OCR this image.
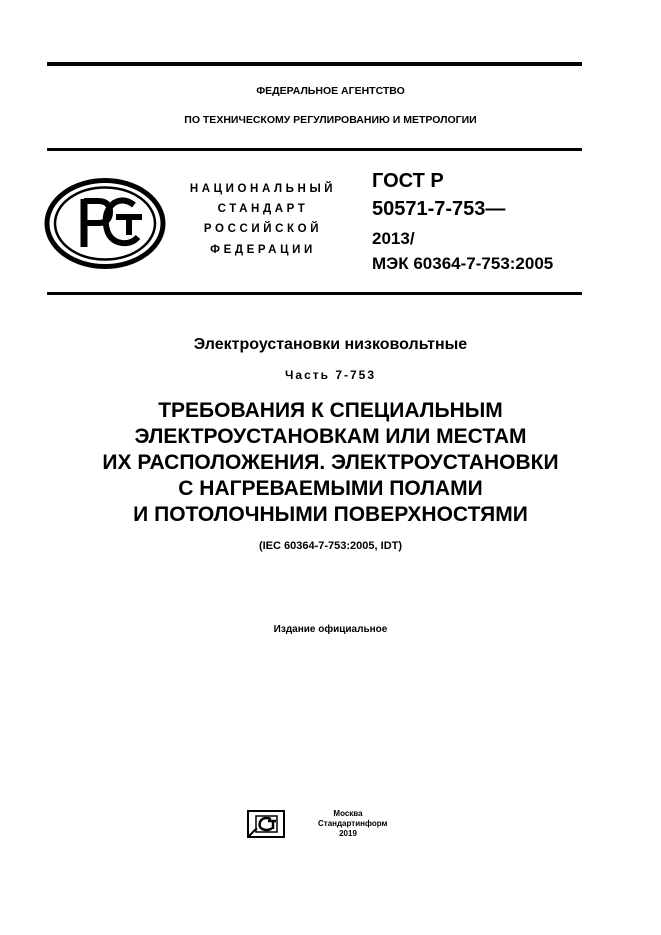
ФЕДЕРАЛЬНОЕ АГЕНТСТВО
ПО ТЕХНИЧЕСКОМУ РЕГУЛИРОВАНИЮ И МЕТРОЛОГИИ
НАЦИОНАЛЬНЫЙ
СТАНДАРТ
РОССИЙСКОЙ
ФЕДЕРАЦИИ
ГОСТ Р
50571-7-753—
2013/
МЭК 60364-7-753:2005
Электроустановки низковольтные
Часть 7-753
ТРЕБОВАНИЯ К СПЕЦИАЛЬНЫМ
ЭЛЕКТРОУСТАНОВКАМ ИЛИ МЕСТАМ
ИХ РАСПОЛОЖЕНИЯ. ЭЛЕКТРОУСТАНОВКИ
С НАГРЕВАЕМЫМИ ПОЛАМИ
И ПОТОЛОЧНЫМИ ПОВЕРХНОСТЯМИ
(IEC 60364-7-753:2005, IDT)
Издание официальное
Москва
Стандартинформ
2019
